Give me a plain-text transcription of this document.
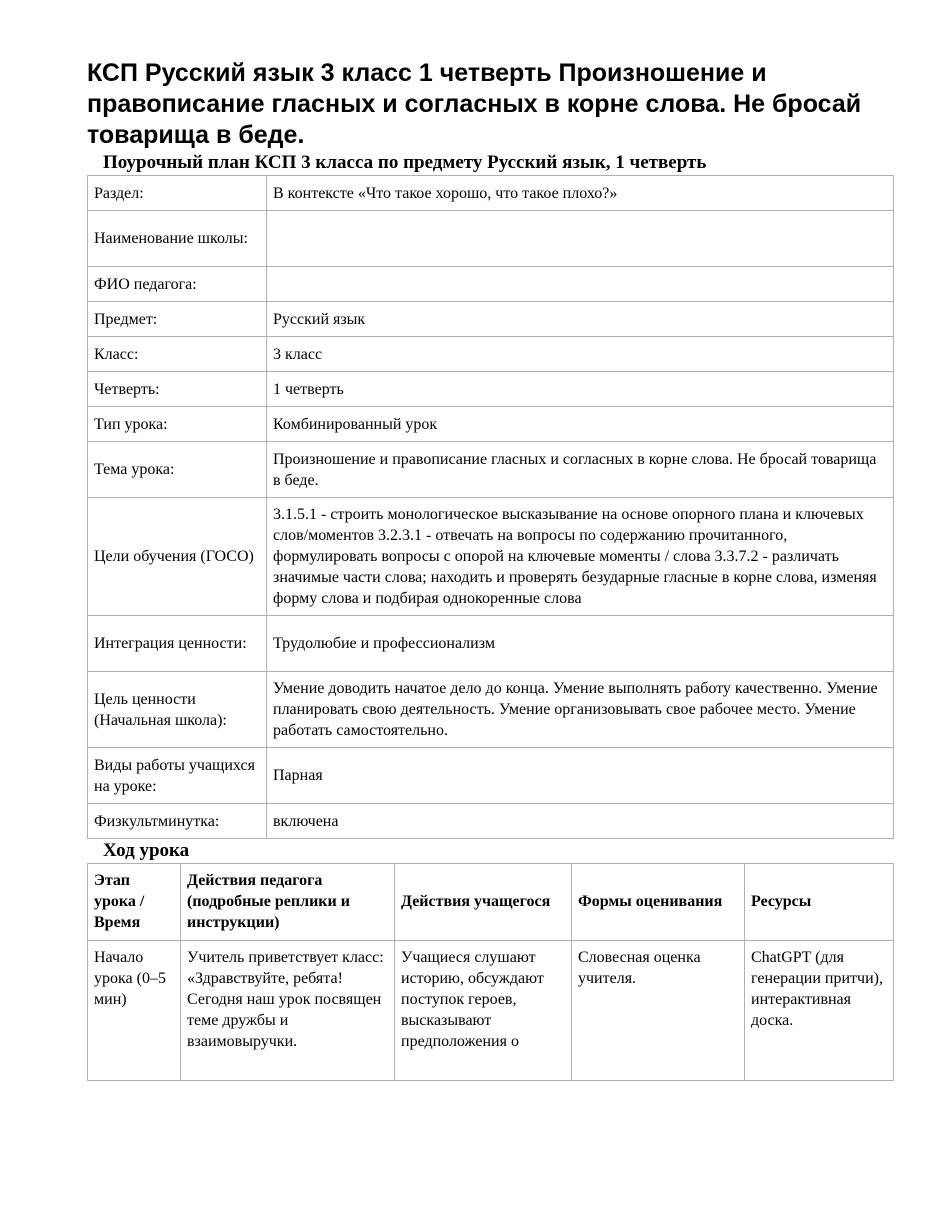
КСП Русский язык 3 класс 1 четверть Произношение и правописание гласных и согласных в корне слова. Не бросай товарища в беде.
Поурочный план КСП 3 класса по предмету Русский язык, 1 четверть
Раздел:	В контексте «Что такое хорошо, что такое плохо?»
Наименование школы:	
ФИО педагога:	
Предмет:	Русский язык
Класс:	3 класс
Четверть:	1 четверть
Тип урока:	Комбинированный урок
Тема урока:	Произношение и правописание гласных и согласных в корне слова. Не бросай товарища в беде.
Цели обучения (ГОСО)	3.1.5.1 - строить монологическое высказывание на основе опорного плана и ключевых слов/моментов 3.2.3.1 - отвечать на вопросы по содержанию прочитанного, формулировать вопросы с опорой на ключевые моменты / слова 3.3.7.2 - различать значимые части слова; находить и проверять безударные гласные в корне слова, изменяя форму слова и подбирая однокоренные слова
Интеграция ценности:	Трудолюбие и профессионализм
Цель ценности (Начальная школа):	Умение доводить начатое дело до конца. Умение выполнять работу качественно. Умение планировать свою деятельность. Умение организовывать свое рабочее место. Умение работать самостоятельно.
Виды работы учащихся на уроке:	Парная
Физкультминутка:	включена
Ход урока
Этап урока / Время	Действия педагога (подробные реплики и инструкции)	Действия учащегося	Формы оценивания	Ресурсы
Начало урока (0–5 мин)	Учитель приветствует класс: «Здравствуйте, ребята! Сегодня наш урок посвящен теме дружбы и взаимовыручки.	Учащиеся слушают историю, обсуждают поступок героев, высказывают предположения о	Словесная оценка учителя.	ChatGPT (для генерации притчи), интерактивная доска.
